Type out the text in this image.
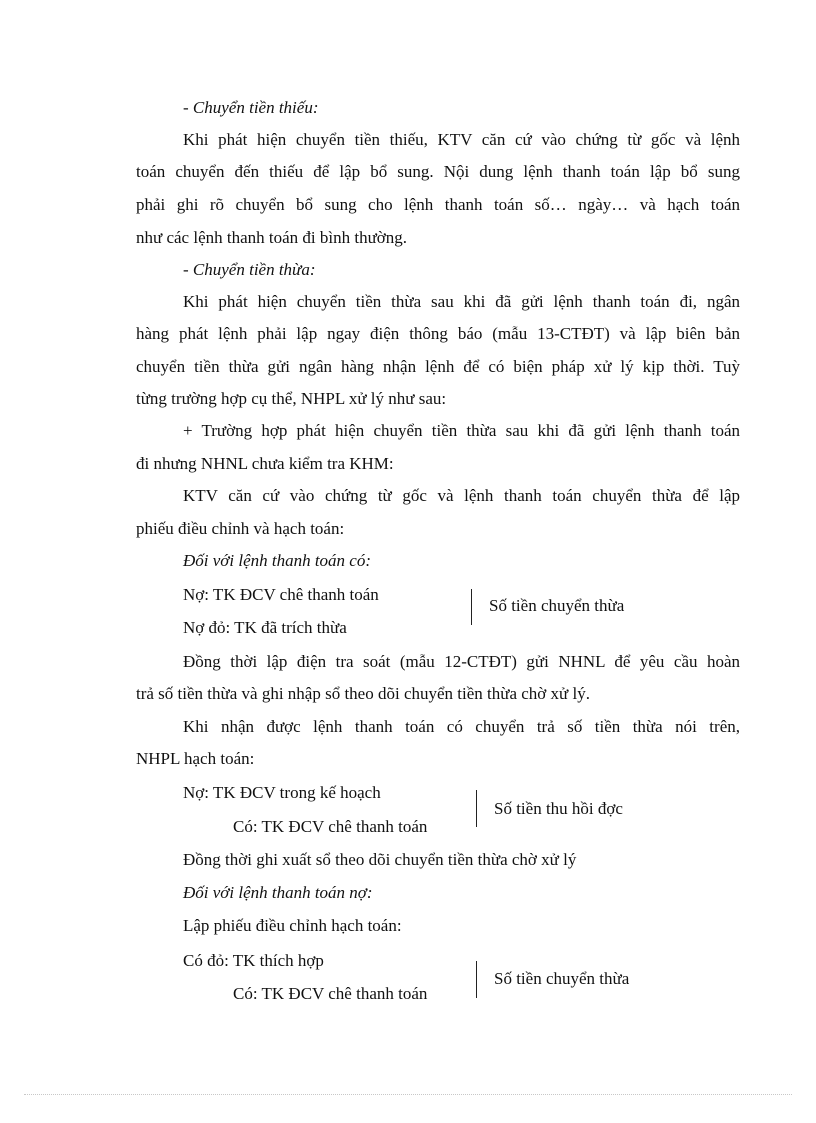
- Chuyển tiền thiếu:
Khi phát hiện chuyển tiền thiếu, KTV căn cứ vào chứng từ gốc và lệnh
toán chuyển đến thiếu để lập bổ sung. Nội dung lệnh thanh toán lập bổ sung
phải ghi rõ chuyển bổ sung cho lệnh thanh toán số… ngày… và hạch toán
như các lệnh thanh toán đi bình thường.
- Chuyển tiền thừa:
Khi phát hiện chuyển tiền thừa sau khi đã gửi lệnh thanh toán đi, ngân
hàng phát lệnh phải lập ngay điện thông báo (mẫu 13-CTĐT) và lập biên bản
chuyển tiền thừa gửi ngân hàng nhận lệnh để có biện pháp xử lý kịp thời. Tuỳ
từng trường hợp cụ thể, NHPL xử lý như sau:
+ Trường hợp phát hiện chuyển tiền thừa sau khi đã gửi lệnh thanh toán
đi nhưng NHNL chưa kiểm tra KHM:
KTV căn cứ vào chứng từ gốc và lệnh thanh toán chuyển thừa để lập
phiếu điều chỉnh và hạch toán:
Đối với lệnh thanh toán có:
Nợ: TK ĐCV chê thanh toán
Nợ đỏ: TK đã trích thừa
Số tiền chuyển thừa
Đồng thời lập điện tra soát (mẫu 12-CTĐT) gửi NHNL để yêu cầu hoàn
trả số tiền thừa và ghi nhập sổ theo dõi chuyển tiền thừa chờ xử lý.
Khi nhận được lệnh thanh toán có chuyển trả số tiền thừa nói trên,
NHPL hạch toán:
Nợ: TK ĐCV trong kế hoạch
Có: TK ĐCV chê thanh toán
Số tiền thu hồi đợc
Đồng thời ghi xuất sổ theo dõi chuyển tiền thừa chờ xử lý
Đối với lệnh thanh toán nợ:
Lập phiếu điều chỉnh hạch toán:
Có đỏ: TK thích hợp
Có: TK ĐCV chê thanh toán
Số tiền chuyển thừa
